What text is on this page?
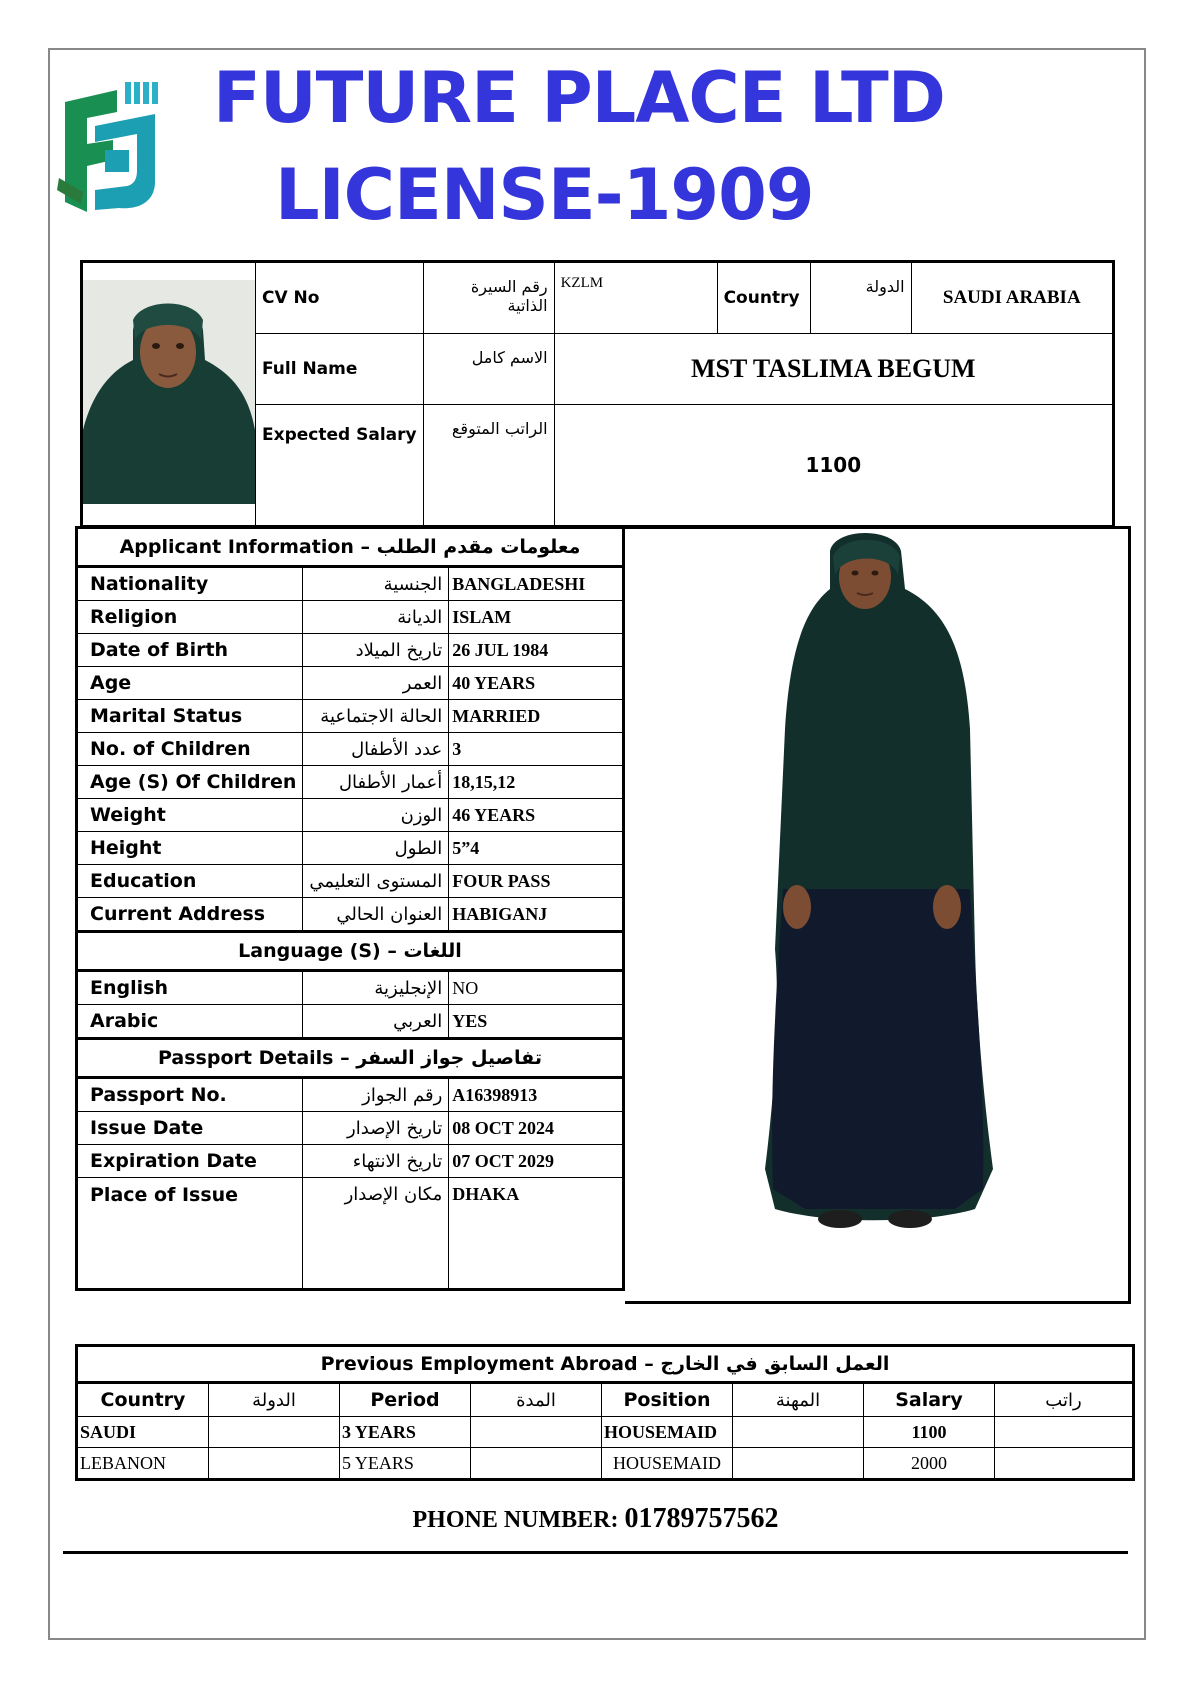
FUTURE PLACE LTD
LICENSE-1909
	CV No	رقم السيرة الذاتية	KZLM	Country	الدولة	SAUDI ARABIA
	Full Name	الاسم كامل	MST TASLIMA BEGUM			
	Expected Salary	الراتب المتوقع	1100			
Applicant Information – معلومات مقدم الطلب		
Nationality	الجنسية	BANGLADESHI
Religion	الديانة	ISLAM
Date of Birth	تاريخ الميلاد	26 JUL 1984
Age	العمر	40 YEARS
Marital Status	الحالة الاجتماعية	MARRIED
No. of Children	عدد الأطفال	3
Age (S) Of Children	أعمار الأطفال	18,15,12
Weight	الوزن	46 YEARS
Height	الطول	5”4
Education	المستوى التعليمي	FOUR PASS
Current Address	العنوان الحالي	HABIGANJ
Language (S) – اللغات		
English	الإنجليزية	NO
Arabic	العربي	YES
Passport Details – تفاصيل جواز السفر		
Passport No.	رقم الجواز	A16398913
Issue Date	تاريخ الإصدار	08 OCT 2024
Expiration Date	تاريخ الانتهاء	07 OCT 2029
Place of Issue	مكان الإصدار	DHAKA
Previous Employment Abroad – العمل السابق في الخارج							
Country	الدولة	Period	المدة	Position	المهنة	Salary	راتب
SAUDI		3 YEARS		HOUSEMAID		1100	
LEBANON		5 YEARS		HOUSEMAID		2000	
PHONE NUMBER: 01789757562
